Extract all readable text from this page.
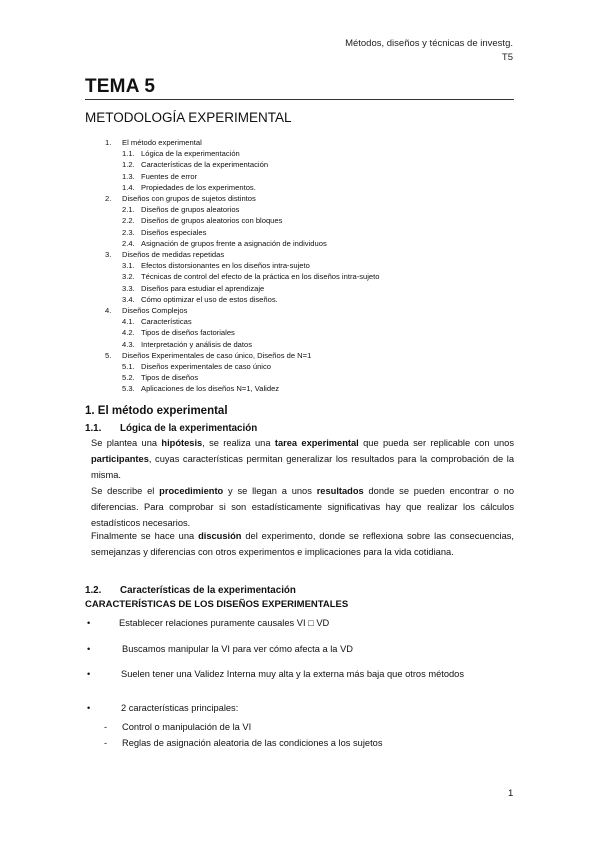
Métodos, diseños y técnicas de investg.
T5
TEMA 5
METODOLOGÍA EXPERIMENTAL
1. El método experimental
1.1. Lógica de la experimentación
1.2. Características de la experimentación
1.3. Fuentes de error
1.4. Propiedades de los experimentos.
2. Diseños con grupos de sujetos distintos
2.1. Diseños de grupos aleatorios
2.2. Diseños de grupos aleatorios con bloques
2.3. Diseños especiales
2.4. Asignación de grupos frente a asignación de individuos
3. Diseños de medidas repetidas
3.1. Efectos distorsionantes en los diseños intra-sujeto
3.2. Técnicas de control del efecto de la práctica en los diseños intra-sujeto
3.3. Diseños para estudiar el aprendizaje
3.4. Cómo optimizar el uso de estos diseños.
4. Diseños Complejos
4.1. Características
4.2. Tipos de diseños factoriales
4.3. Interpretación y análisis de datos
5. Diseños Experimentales de caso único, Diseños de N=1
5.1. Diseños experimentales de caso único
5.2. Tipos de diseños
5.3. Aplicaciones de los diseños N=1, Validez
1. El método experimental
1.1. Lógica de la experimentación
Se plantea una hipótesis, se realiza una tarea experimental que pueda ser replicable con unos participantes, cuyas características permitan generalizar los resultados para la comprobación de la misma.
Se describe el procedimiento y se llegan a unos resultados donde se pueden encontrar o no diferencias. Para comprobar si son estadísticamente significativas hay que realizar los cálculos estadísticos necesarios.
Finalmente se hace una discusión del experimento, donde se reflexiona sobre las consecuencias, semejanzas y diferencias con otros experimentos e implicaciones para la vida cotidiana.
1.2. Características de la experimentación
CARACTERÍSTICAS DE LOS DISEÑOS EXPERIMENTALES
•	Establecer relaciones puramente causales VI □ VD
•	Buscamos manipular la VI para ver cómo afecta a la VD
•	Suelen tener una Validez Interna muy alta y la externa más baja que otros métodos
•	2 características principales:
- Control o manipulación de la VI
- Reglas de asignación aleatoria de las condiciones a los sujetos
1
